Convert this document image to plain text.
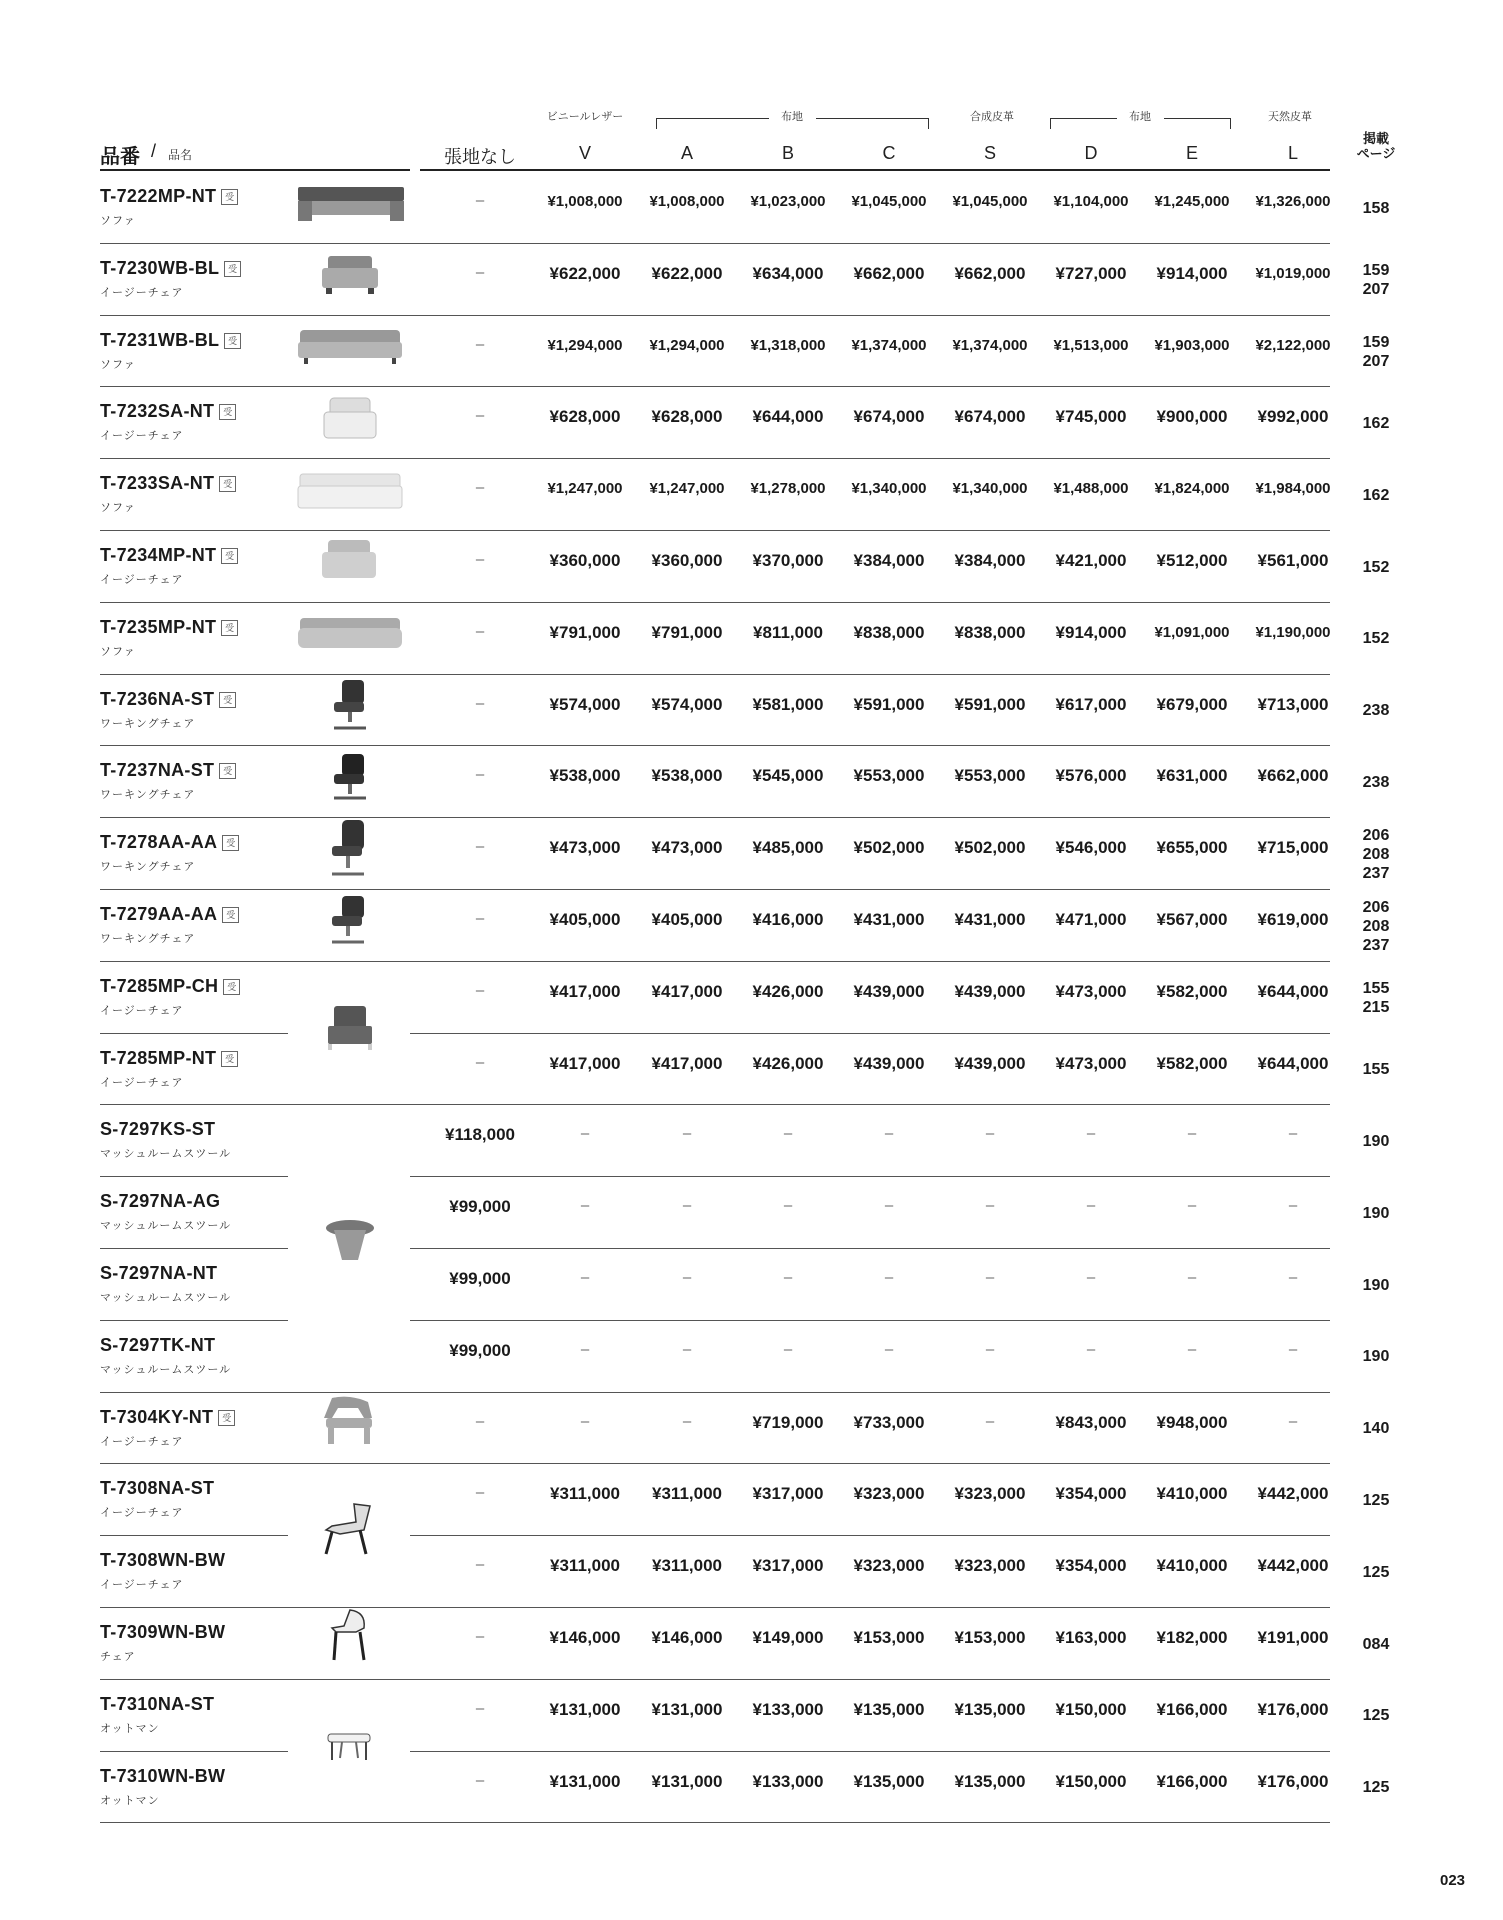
ビニールレザー	布地	合成皮革	布地	天然皮革
品番 / 品名	張地なし	V	A	B	C	S	D	E	L
掲載
ページ
T-7222MP-NT 受
ソファ
–	¥1,008,000	¥1,008,000	¥1,023,000	¥1,045,000	¥1,045,000	¥1,104,000	¥1,245,000	¥1,326,000	158
T-7230WB-BL 受
イージーチェア
–	¥622,000	¥622,000	¥634,000	¥662,000	¥662,000	¥727,000	¥914,000	¥1,019,000	159
207
T-7231WB-BL 受
ソファ
–	¥1,294,000	¥1,294,000	¥1,318,000	¥1,374,000	¥1,374,000	¥1,513,000	¥1,903,000	¥2,122,000	159
207
T-7232SA-NT 受
イージーチェア
–	¥628,000	¥628,000	¥644,000	¥674,000	¥674,000	¥745,000	¥900,000	¥992,000	162
T-7233SA-NT 受
ソファ
–	¥1,247,000	¥1,247,000	¥1,278,000	¥1,340,000	¥1,340,000	¥1,488,000	¥1,824,000	¥1,984,000	162
T-7234MP-NT 受
イージーチェア
–	¥360,000	¥360,000	¥370,000	¥384,000	¥384,000	¥421,000	¥512,000	¥561,000	152
T-7235MP-NT 受
ソファ
–	¥791,000	¥791,000	¥811,000	¥838,000	¥838,000	¥914,000	¥1,091,000	¥1,190,000	152
T-7236NA-ST 受
ワーキングチェア
–	¥574,000	¥574,000	¥581,000	¥591,000	¥591,000	¥617,000	¥679,000	¥713,000	238
T-7237NA-ST 受
ワーキングチェア
–	¥538,000	¥538,000	¥545,000	¥553,000	¥553,000	¥576,000	¥631,000	¥662,000	238
T-7278AA-AA 受
ワーキングチェア
–	¥473,000	¥473,000	¥485,000	¥502,000	¥502,000	¥546,000	¥655,000	¥715,000
206
208
237
T-7279AA-AA 受
ワーキングチェア
–	¥405,000	¥405,000	¥416,000	¥431,000	¥431,000	¥471,000	¥567,000	¥619,000
206
208
237
T-7285MP-CH 受
イージーチェア
–	¥417,000	¥417,000	¥426,000	¥439,000	¥439,000	¥473,000	¥582,000	¥644,000	155
215
T-7285MP-NT 受
イージーチェア
–	¥417,000	¥417,000	¥426,000	¥439,000	¥439,000	¥473,000	¥582,000	¥644,000	155
S-7297KS-ST
マッシュルームスツール
¥118,000	–	–	–	–	–	–	–	–	190
S-7297NA-AG
マッシュルームスツール
¥99,000	–	–	–	–	–	–	–	–	190
S-7297NA-NT
マッシュルームスツール
¥99,000	–	–	–	–	–	–	–	–	190
S-7297TK-NT
マッシュルームスツール
¥99,000	–	–	–	–	–	–	–	–	190
T-7304KY-NT 受
イージーチェア
–	–	–	¥719,000	¥733,000	–	¥843,000	¥948,000	–	140
T-7308NA-ST
イージーチェア
–	¥311,000	¥311,000	¥317,000	¥323,000	¥323,000	¥354,000	¥410,000	¥442,000	125
T-7308WN-BW
イージーチェア
–	¥311,000	¥311,000	¥317,000	¥323,000	¥323,000	¥354,000	¥410,000	¥442,000	125
T-7309WN-BW
チェア
–	¥146,000	¥146,000	¥149,000	¥153,000	¥153,000	¥163,000	¥182,000	¥191,000	084
T-7310NA-ST
オットマン
–	¥131,000	¥131,000	¥133,000	¥135,000	¥135,000	¥150,000	¥166,000	¥176,000	125
T-7310WN-BW
オットマン
–	¥131,000	¥131,000	¥133,000	¥135,000	¥135,000	¥150,000	¥166,000	¥176,000	125
023
